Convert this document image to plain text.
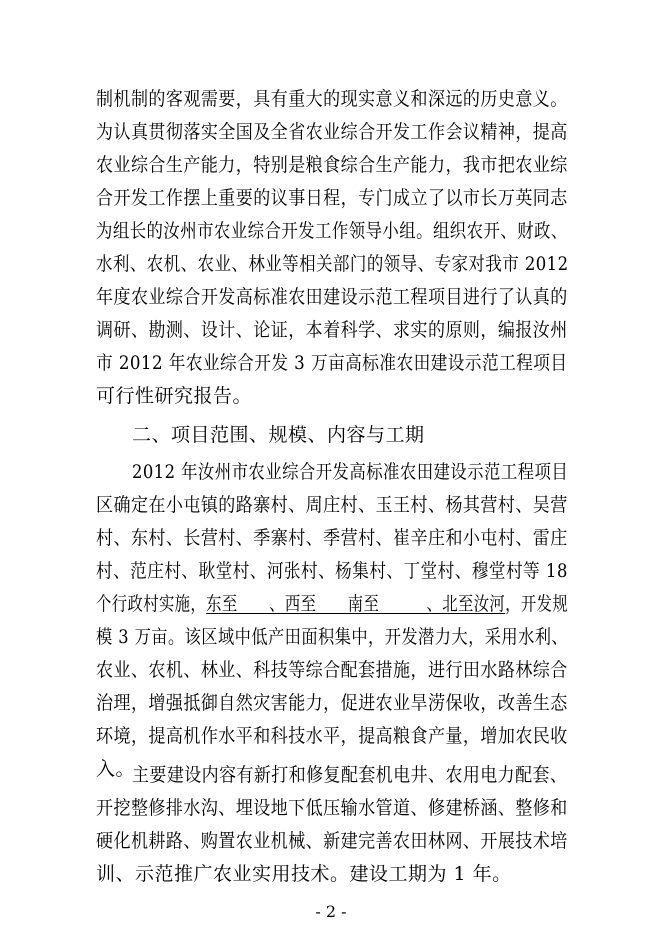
制机制的客观需要，具有重大的现实意义和深远的历史意义。
为认真贯彻落实全国及全省农业综合开发工作会议精神，提高
农业综合生产能力，特别是粮食综合生产能力，我市把农业综
合开发工作摆上重要的议事日程，专门成立了以市长万英同志
为组长的汝州市农业综合开发工作领导小组。组织农开、财政、
水利、农机、农业、林业等相关部门的领导、专家对我市 2012
年度农业综合开发高标准农田建设示范工程项目进行了认真的
调研、勘测、设计、论证，本着科学、求实的原则，编报汝州
市 2012 年农业综合开发 3 万亩高标准农田建设示范工程项目
可行性研究报告。
二、项目范围、规模、内容与工期
2012 年汝州市农业综合开发高标准农田建设示范工程项目
区确定在小屯镇的路寨村、周庄村、玉王村、杨其营村、吴营
村、东村、长营村、季寨村、季营村、崔辛庄和小屯村、雷庄
村、范庄村、耿堂村、河张村、杨集村、丁堂村、穆堂村等 18
个行政村实施，东至　　、西至　　南至　　　、北至汝河，开发规
模 3 万亩。该区域中低产田面积集中，开发潜力大，采用水利、
农业、农机、林业、科技等综合配套措施，进行田水路林综合
治理，增强抵御自然灾害能力，促进农业旱涝保收，改善生态
环境，提高机作水平和科技水平，提高粮食产量，增加农民收
入。
主要建设内容有新打和修复配套机电井、农用电力配套、
开挖整修排水沟、埋设地下低压输水管道、修建桥涵、整修和
硬化机耕路、购置农业机械、新建完善农田林网、开展技术培
训、示范推广农业实用技术。建设工期为 1 年。
- 2 -
